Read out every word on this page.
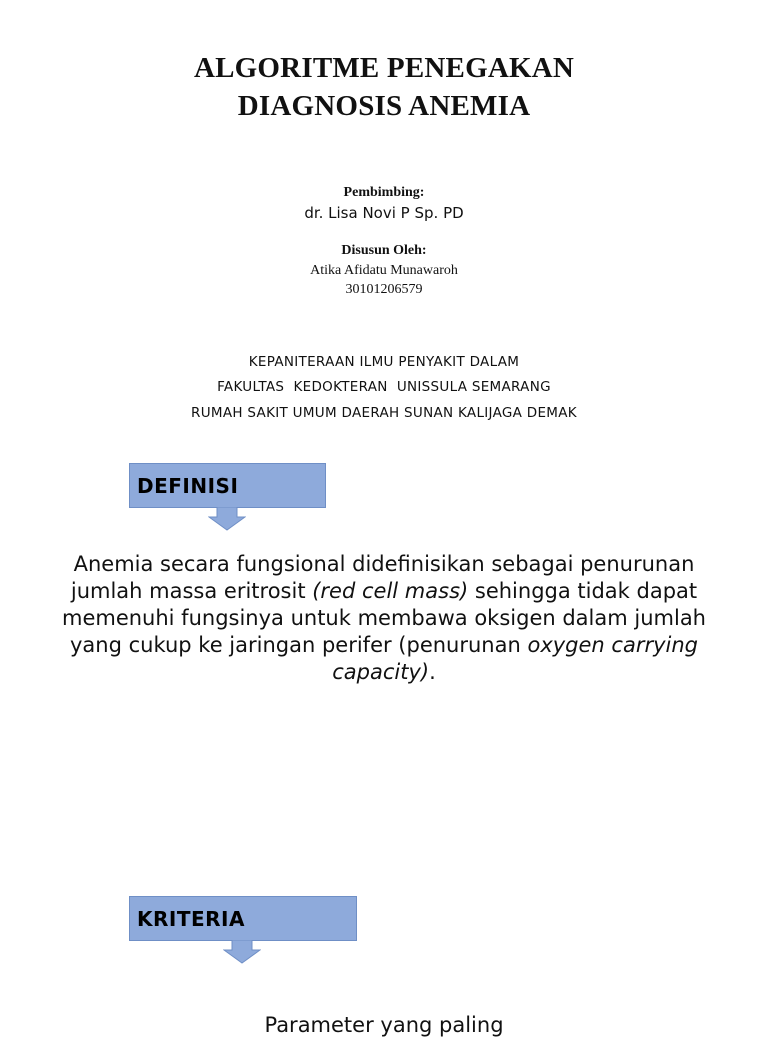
ALGORITME PENEGAKAN
DIAGNOSIS ANEMIA
Pembimbing:
dr. Lisa Novi P Sp. PD
Disusun Oleh:
Atika Afidatu Munawaroh
30101206579
KEPANITERAAN ILMU PENYAKIT DALAM
FAKULTAS  KEDOKTERAN  UNISSULA SEMARANG
RUMAH SAKIT UMUM DAERAH SUNAN KALIJAGA DEMAK
DEFINISI
Anemia secara fungsional didefinisikan sebagai penurunan jumlah massa eritrosit (red cell mass) sehingga tidak dapat memenuhi fungsinya untuk membawa oksigen dalam jumlah yang cukup ke jaringan perifer (penurunan oxygen carrying capacity).
KRITERIA
Parameter yang paling
